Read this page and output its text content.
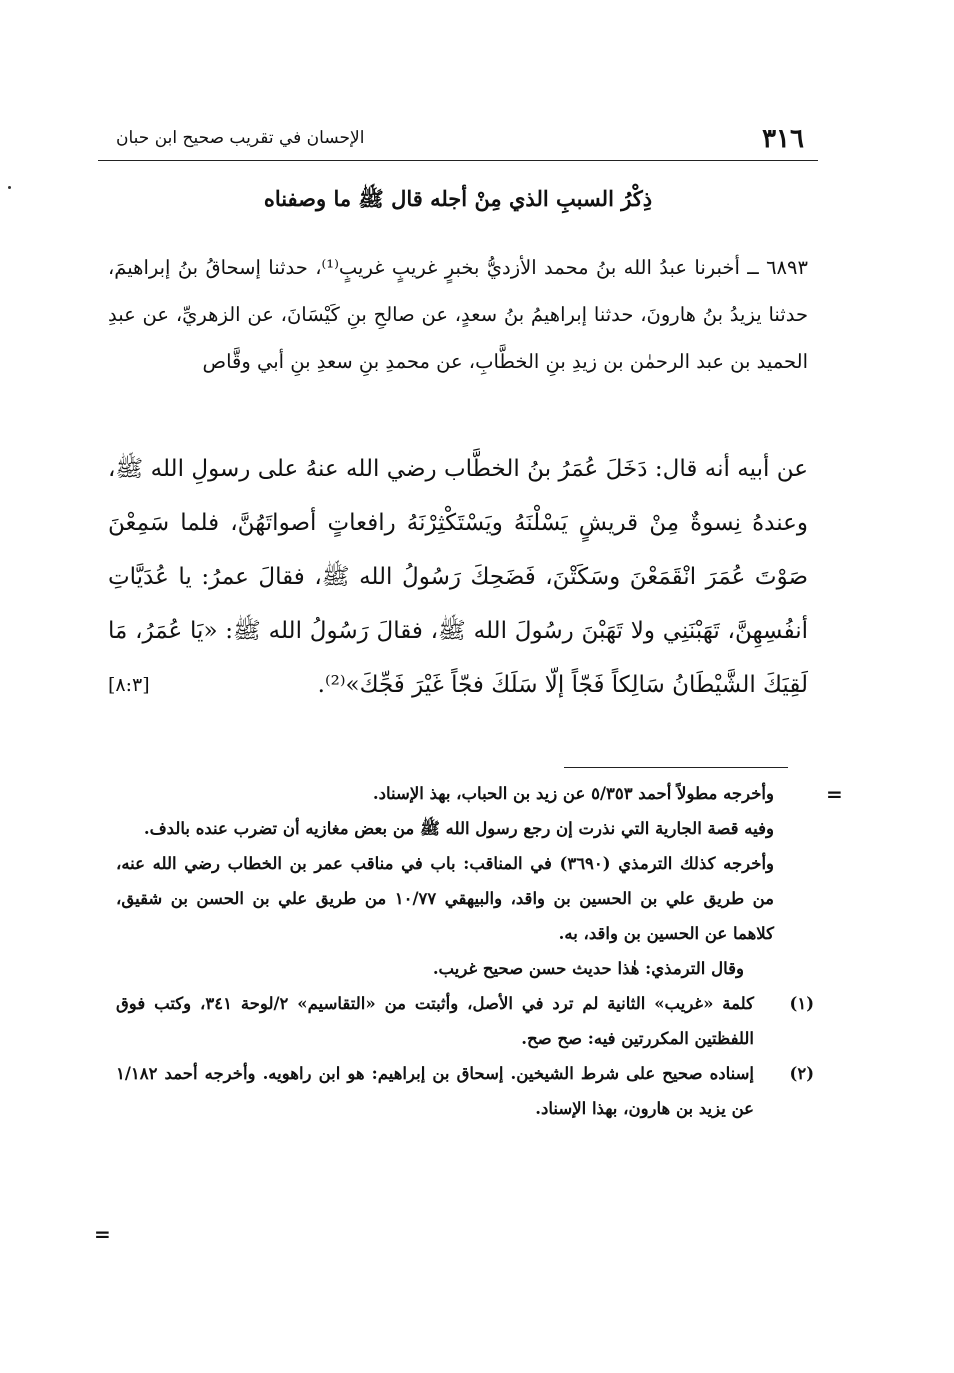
٣١٦
الإحسان في تقريب صحيح ابن حبان
ذِكْرُ السببِ الذي مِنْ أجله قال ﷺ ما وصفناه
٦٨٩٣ ــ أخبرنا عبدُ الله بنُ محمد الأزديُّ بخبرٍ غريبٍ غريبٍ⁽¹⁾، حدثنا إسحاقُ بنُ إبراهيمَ، حدثنا يزيدُ بنُ هارونَ، حدثنا إبراهيمُ بنُ سعدٍ، عن صالحِ بنِ كَيْسَانَ، عن الزهريِّ، عن عبدِ الحميد بن عبد الرحمٰن بن زيدِ بنِ الخطَّابِ، عن محمدِ بنِ سعدِ بنِ أبي وقَّاص
عن أبيه أنه قال: دَخَلَ عُمَرُ بنُ الخطَّاب رضي الله عنهُ على رسولِ الله ﷺ، وعندهُ نِسوةٌ مِنْ قريشٍ يَسْلْنَهُ ويَسْتَكْثِرْنَهُ رافعاتٍ أصواتَهُنَّ، فلما سَمِعْنَ صَوْتَ عُمَرَ انْقَمَعْنَ وسَكَتْنَ، فَضَحِكَ رَسُولُ الله ﷺ، فقالَ عمرُ: يا عُدَيَّاتِ أنفُسِهِنَّ، تَهَبْنَنِي ولا تَهَبْنَ رسُولَ الله ﷺ، فقالَ رَسُولُ الله ﷺ: «يَا عُمَرُ، مَا لَقِيَكَ الشَّيْطَانُ سَالِكاً فَجّاً إلّا سَلَكَ فجّاً غَيْرَ فَجِّكَ»⁽²⁾.
[٨:٣]
=

وأخرجه مطولاً أحمد ٥/٣٥٣ عن زيد بن الحباب، بهذ الإسناد.

وفيه قصة الجارية التي نذرت إن رجع رسول الله ﷺ من بعض مغازيه أن تضرب عنده بالدف.

وأخرجه كذلك الترمذي (٣٦٩٠) في المناقب: باب في مناقب عمر بن الخطاب رضي الله عنه، من طريق علي بن الحسين بن واقد، والبيهقي ١٠/٧٧ من طريق علي بن الحسن بن شقيق، كلاهما عن الحسين بن واقد، به.

وقال الترمذي: هٰذا حديث حسن صحيح غريب.

(١)

كلمة «غريب» الثانية لم ترد في الأصل، وأثبتت من «التقاسيم» ٢/لوحة ٣٤١، وكتب فوق اللفظتين المكررتين فيه: صح صح.

(٢)

إسناده صحيح على شرط الشيخين. إسحاق بن إبراهيم: هو ابن راهويه. وأخرجه أحمد ١/١٨٢ عن يزيد بن هارون، بهذا الإسناد.

=
